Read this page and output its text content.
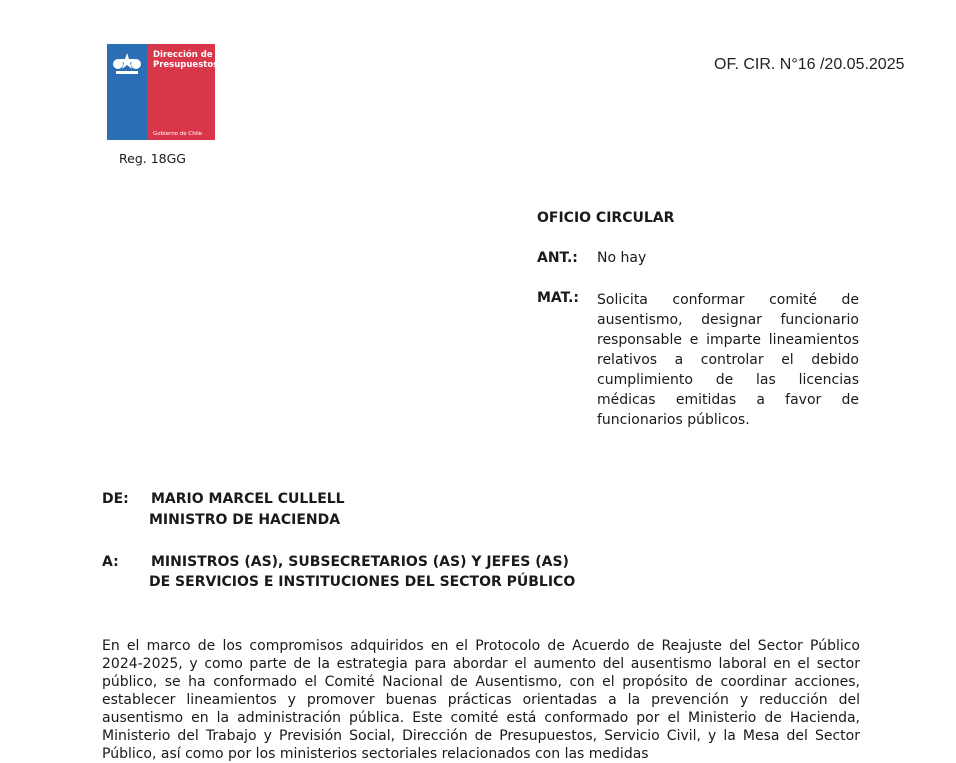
Dirección de
Presupuestos
Gobierno de Chile
Reg. 18GG
OF. CIR. N°16 /20.05.2025
OFICIO CIRCULAR
ANT.: No hay
MAT.: Solicita conformar comité de ausentismo, designar funcionario responsable e imparte lineamientos relativos a controlar el debido cumplimiento de las licencias médicas emitidas a favor de funcionarios públicos.
DE: MARIO MARCEL CULLELL
MINISTRO DE HACIENDA
A: MINISTROS (AS), SUBSECRETARIOS (AS) Y JEFES (AS)
DE SERVICIOS E INSTITUCIONES DEL SECTOR PÚBLICO
En el marco de los compromisos adquiridos en el Protocolo de Acuerdo de Reajuste del Sector Público 2024-2025, y como parte de la estrategia para abordar el aumento del ausentismo laboral en el sector público, se ha conformado el Comité Nacional de Ausentismo, con el propósito de coordinar acciones, establecer lineamientos y promover buenas prácticas orientadas a la prevención y reducción del ausentismo en la administración pública. Este comité está conformado por el Ministerio de Hacienda, Ministerio del Trabajo y Previsión Social, Dirección de Presupuestos, Servicio Civil, y la Mesa del Sector Público, así como por los ministerios sectoriales relacionados con las medidas
